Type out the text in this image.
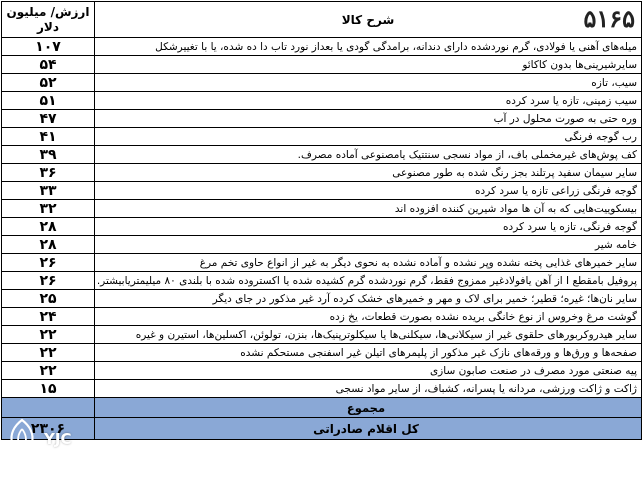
ارزش/ میلیون
دلار	شرح کالا
۱۰۷	میله‌های آهنی یا فولادی، گرم نوردشده دارای دندانه، برامدگی گودی یا بعداز نورد تاب دا ده شده، یا با تغییرشکل
۵۴	سایرشیرینی‌ها بدون کاکائو
۵۲	سیب، تازه
۵۱	سیب زمینی، تازه یا سرد کرده
۴۷	وره حتی به صورت محلول در آب
۴۱	رب گوجه فرنگی
۳۹	کف پوش‌های غیرمخملی باف، از مواد نسجی سنتتیک یامصنوعی آماده مصرف.
۳۶	سایر سیمان سفید پرتلند بجز رنگ شده به طور مصنوعی
۳۳	گوجه فرنگی زراعی تازه یا سرد کرده
۳۲	بیسکوییت‌هایی که به آن ها مواد شیرین کننده افزوده اند
۲۸	گوجه فرنگی، تازه یا سرد کرده
۲۸	خامه شیر
۲۶	سایر خمیرهای غذایی پخته نشده وپر نشده و آماده نشده به نحوی دیگر به غیر از انواع حاوی تخم مرغ
۲۶	پروفیل بامقطع I از آهن یافولادغیر ممزوج فقط، گرم نوردشده گرم کشیده شده یا اکستروده شده با بلندی ۸۰ میلیمتریابیشتر.
۲۵	سایر نان‌ها؛ غیره؛ قطیر؛ خمیر برای لاک و مهر و خمیرهای خشک کرده آرد غیر مذکور در جای دیگر
۲۴	گوشت مرغ وخروس از نوع خانگی بریده نشده بصورت قطعات، یخ زده
۲۲	سایر هیدروکربورهای حلقوی غیر از سیکلانی‌ها، سیکلنی‌ها یا سیکلوترپنیک‌ها، بنزن، تولوئن، اکسلین‌ها، استیرن و غیره
۲۲	صفحه‌ها و ورق‌ها و ورقه‌های نازک غیر مذکور از پلیمرهای اتیلن غیر اسفنجی مستحکم نشده
۲۲	پیه صنعتی مورد مصرف در صنعت صابون سازی
۱۵	ژاکت و ژاکت ورزشی، مردانه یا پسرانه، کشباف، از سایر مواد نسجی
	مجموع
۲۳۰۶	کل اقلام صادراتی
۵۱۶۵
YJC
